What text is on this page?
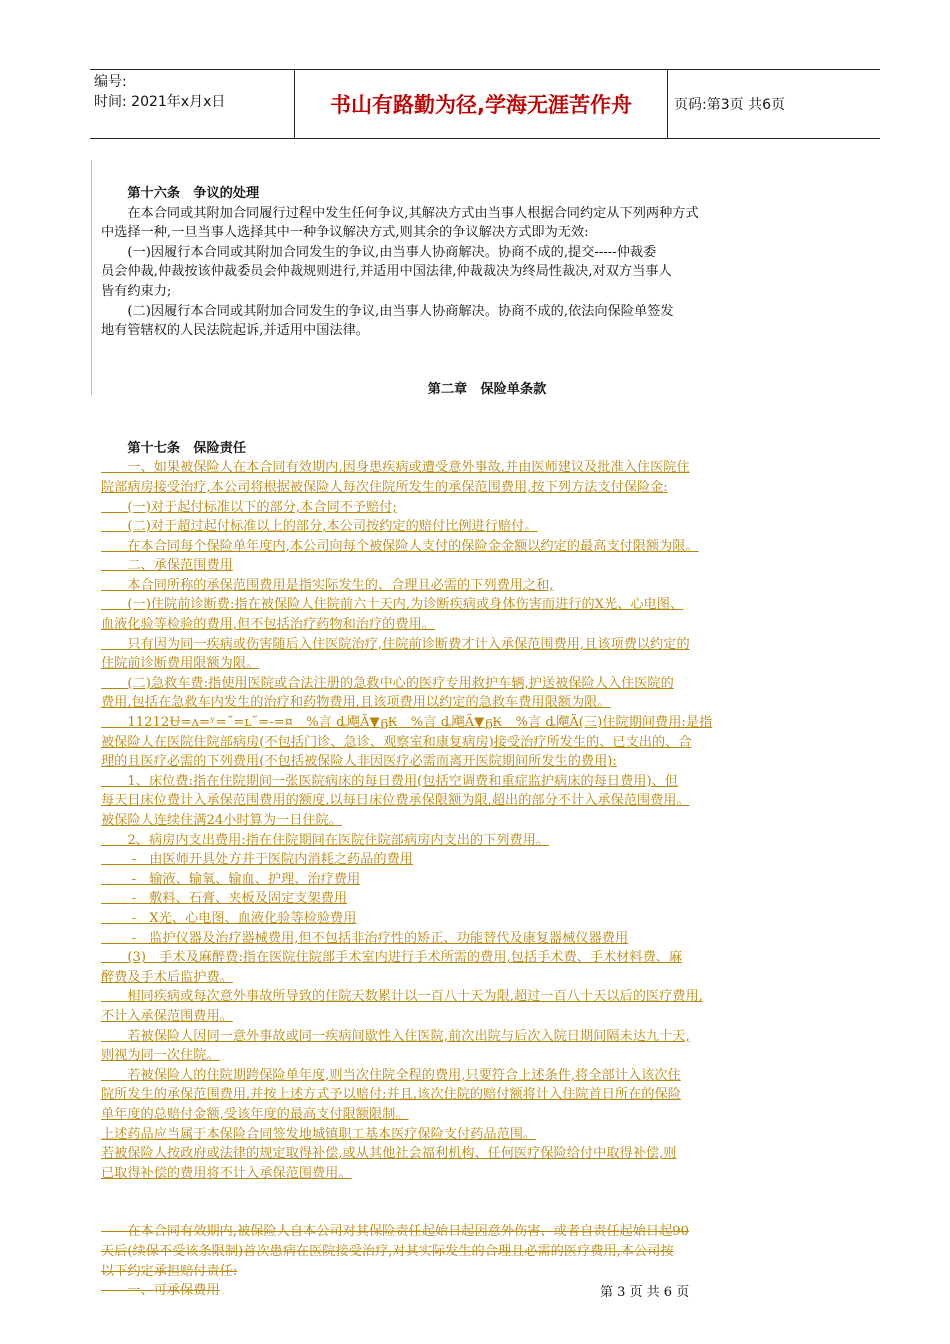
编号:
时间: 2021年x月x日	书山有路勤为径,学海无涯苦作舟	页码:第3页 共6页
　　第十六条　争议的处理
　　在本合同或其附加合同履行过程中发生任何争议,其解决方式由当事人根据合同约定从下列两种方式
中选择一种,一旦当事人选择其中一种争议解决方式,则其余的争议解决方式即为无效:
　　(一)因履行本合同或其附加合同发生的争议,由当事人协商解决。协商不成的,提交-----仲裁委
员会仲裁,仲裁按该仲裁委员会仲裁规则进行,并适用中国法律,仲裁裁决为终局性裁决,对双方当事人
皆有约束力;
　　(二)因履行本合同或其附加合同发生的争议,由当事人协商解决。协商不成的,依法向保险单签发
地有管辖权的人民法院起诉,并适用中国法律。

第二章　保险单条款

　　第十七条　保险责任
　　一、如果被保险人在本合同有效期内,因身患疾病或遭受意外事故,并由医师建议及批准入住医院住
院部病房接受治疗,本公司将根据被保险人每次住院所发生的承保范围费用,按下列方法支付保险金:
　　(一)对于起付标准以下的部分,本合同不予赔付;
　　(二)对于超过起付标准以上的部分,本公司按约定的赔付比例进行赔付。
　　在本合同每个保险单年度内,本公司向每个被保险人支付的保险金金额以约定的最高支付限额为限。
　　二、承保范围费用
　　本合同所称的承保范围费用是指实际发生的、合理且必需的下列费用之和,
　　(一)住院前诊断费:指在被保险人住院前六十天内,为诊断疾病或身体伤害而进行的X光、心电图、
血液化验等检验的费用,但不包括治疗药物和治疗的费用。
　　只有因为同一疾病或伤害随后入住医院治疗,住院前诊断费才计入承保范围费用,且该项费以约定的
住院前诊断费用限额为限。
　　(二)急救车费:指使用医院或合法注册的急救中心的医疗专用救护车辆,护送被保险人入住医院的
费用,包括在急救车内发生的治疗和药物费用,且该项费用以约定的急救车费用限额为限。
　　11212Ʉ=ʌ=ʸ=˝=ʟ˜=-=¤　%言 ȡ飗Ã▼ᵷ₭　%言 ȡ飗Ã▼ᵷ₭　%言 ȡ飗Ã(三)住院期间费用:是指
被保险人在医院住院部病房(不包括门诊、急诊、观察室和康复病房)接受治疗所发生的、已支出的、合
理的且医疗必需的下列费用(不包括被保险人非因医疗必需而离开医院期间所发生的费用):
　　1、床位费:指在住院期间一张医院病床的每日费用(包括空调费和重症监护病床的每日费用)、但
每天日床位费计入承保范围费用的额度,以每日床位费承保限额为限,超出的部分不计入承保范围费用。
被保险人连续住满24小时算为一日住院。
　　2、病房内支出费用:指在住院期间在医院住院部病房内支出的下列费用。
　　 -　由医师开具处方并于医院内消耗之药品的费用
　　 -　输液、输氧、输血、护理、治疗费用
　　 -　敷料、石膏、夹板及固定支架费用
　　 -　X光、心电图、血液化验等检验费用
　　 -　监护仪器及治疗器械费用,但不包括非治疗性的矫正、功能替代及康复器械仪器费用
　　(3)　手术及麻醉费:指在医院住院部手术室内进行手术所需的费用,包括手术费、手术材料费、麻
醉费及手术后监护费。
　　相同疾病或每次意外事故所导致的住院天数累计以一百八十天为限,超过一百八十天以后的医疗费用,
不计入承保范围费用。
　　若被保险人因同一意外事故或同一疾病间歇性入住医院,前次出院与后次入院日期间隔未达九十天,
则视为同一次住院。
　　若被保险人的住院期跨保险单年度,则当次住院全程的费用,只要符合上述条件,将全部计入该次住
院所发生的承保范围费用,并按上述方式予以赔付;并且,该次住院的赔付额将计入住院首日所在的保险
单年度的总赔付金额,受该年度的最高支付限额限制。
上述药品应当属于本保险合同签发地城镇职工基本医疗保险支付药品范围。
若被保险人按政府或法律的规定取得补偿,或从其他社会福利机构、任何医疗保险给付中取得补偿,则
已取得补偿的费用将不计入承保范围费用。

　　在本合同有效期内,被保险人自本公司对其保险责任起始日起因意外伤害、或者自责任起始日起90
天后(续保不受该条限制)首次患病在医院接受治疗,对其实际发生的合理且必需的医疗费用,本公司按
以下约定承担赔付责任:
　　一、可承保费用	第 3 页 共 6 页
